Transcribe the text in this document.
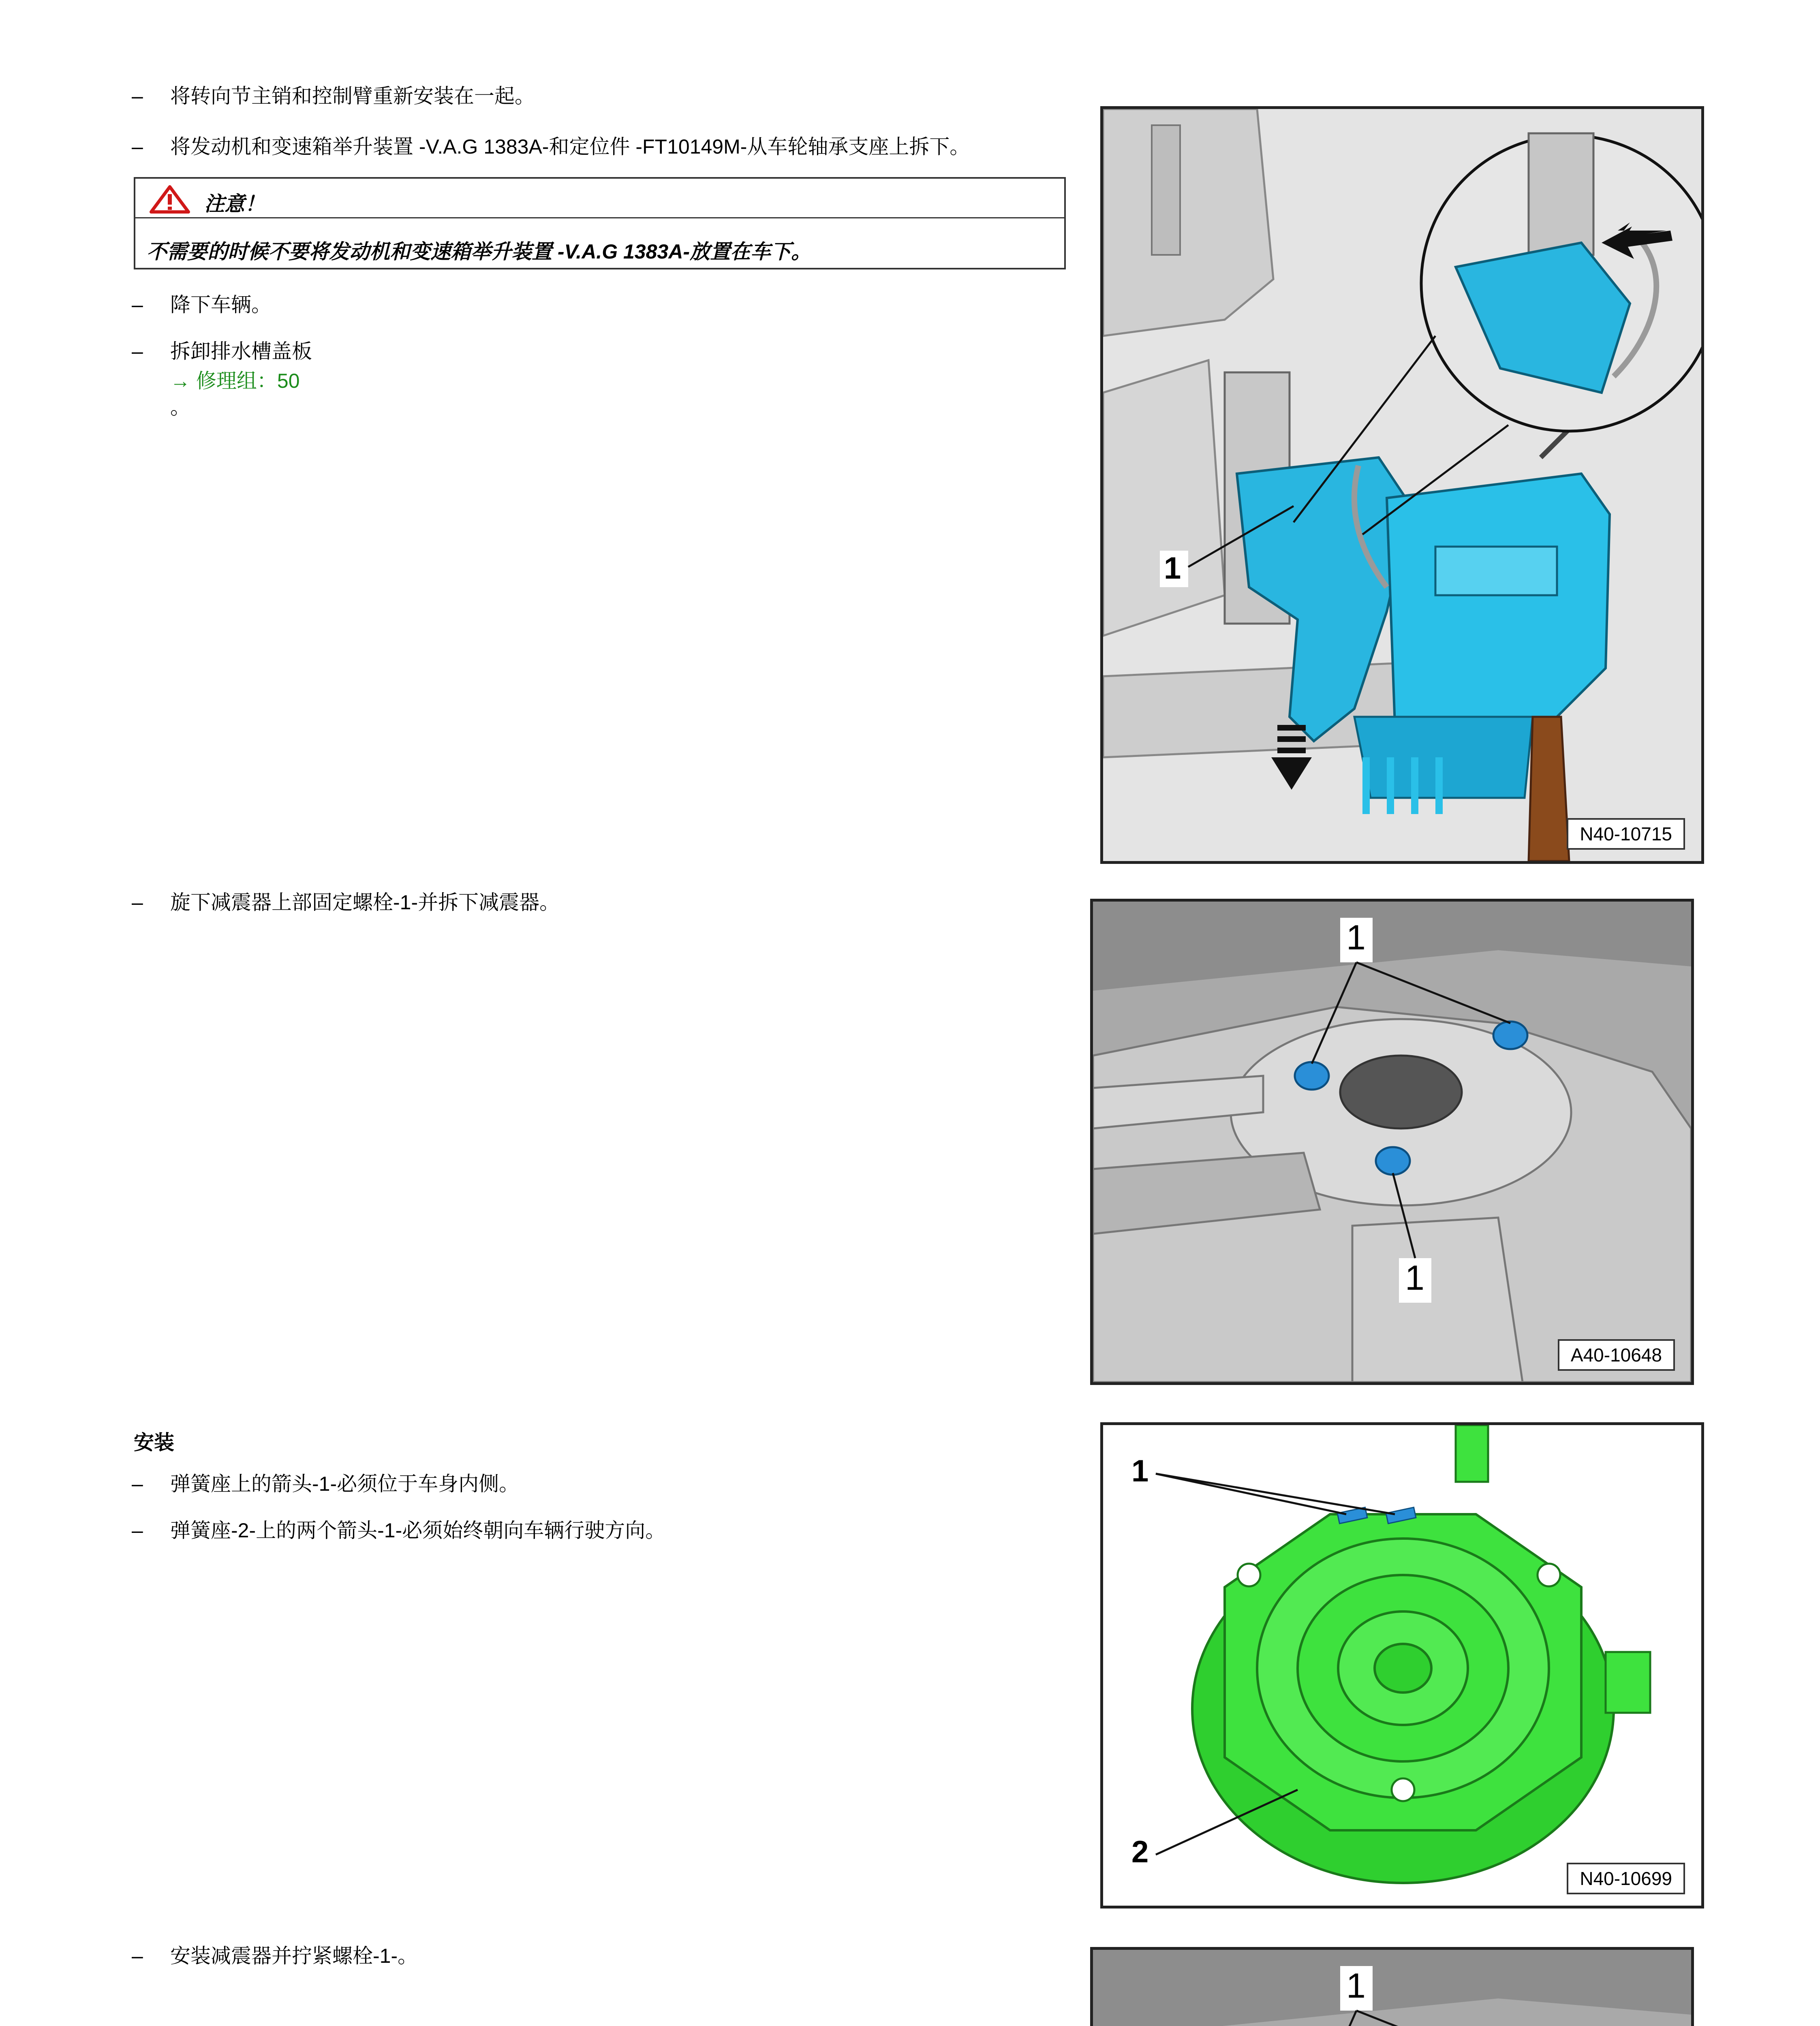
– 将转向节主销和控制臂重新安装在一起。
– 将发动机和变速箱举升装置 -V.A.G 1383A-和定位件 -FT10149M-从车轮轴承支座上拆下。
注意！
不需要的时候不要将发动机和变速箱举升装置 -V.A.G 1383A-放置在车下。
– 降下车辆。
– 拆卸排水槽盖板
→ 修理组：50
。
– 旋下减震器上部固定螺栓-1-并拆下减震器。
安装
– 弹簧座上的箭头-1-必须位于车身内侧。
– 弹簧座-2-上的两个箭头-1-必须始终朝向车辆行驶方向。
– 安装减震器并拧紧螺栓-1-。
1
N40-10715
1
1
A40-10648
1
2
N40-10699
1
